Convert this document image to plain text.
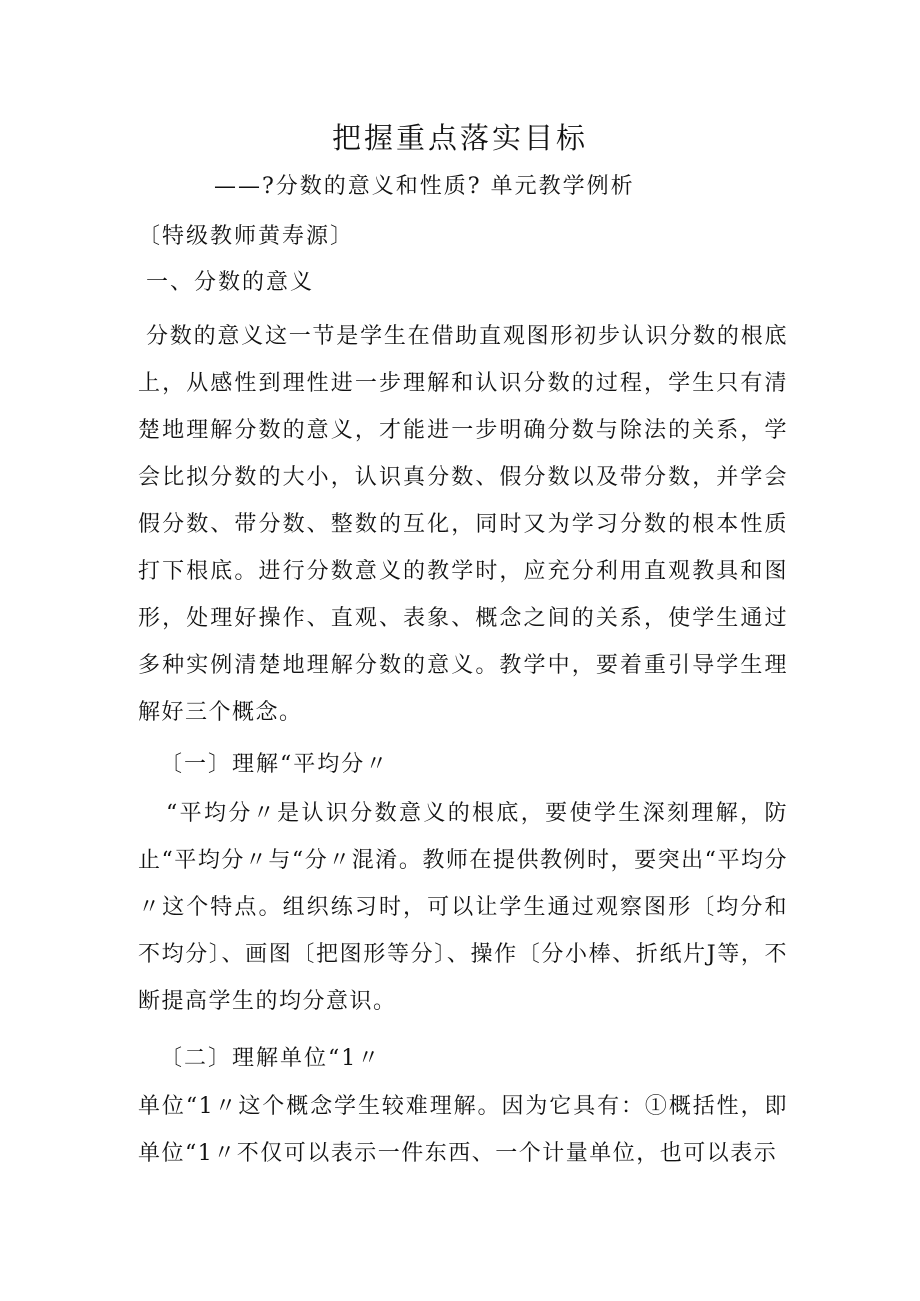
把握重点落实目标
——?分数的意义和性质? 单元教学例析
〔特级教师黄寿源〕
一、分数的意义
分数的意义这一节是学生在借助直观图形初步认识分数的根底上，从感性到理性进一步理解和认识分数的过程，学生只有清楚地理解分数的意义，才能进一步明确分数与除法的关系，学会比拟分数的大小，认识真分数、假分数以及带分数，并学会假分数、带分数、整数的互化，同时又为学习分数的根本性质打下根底。进行分数意义的教学时，应充分利用直观教具和图形，处理好操作、直观、表象、概念之间的关系，使学生通过多种实例清楚地理解分数的意义。教学中，要着重引导学生理解好三个概念。
〔一〕理解“平均分〃
“平均分〃是认识分数意义的根底，要使学生深刻理解，防止“平均分〃与“分〃混淆。教师在提供教例时，要突出“平均分〃这个特点。组织练习时，可以让学生通过观察图形〔均分和不均分〕、画图〔把图形等分〕、操作〔分小棒、折纸片J等，不断提高学生的均分意识。
〔二〕理解单位“1〃
单位“1〃这个概念学生较难理解。因为它具有：①概括性，即单位“1〃不仅可以表示一件东西、一个计量单位，也可以表示
